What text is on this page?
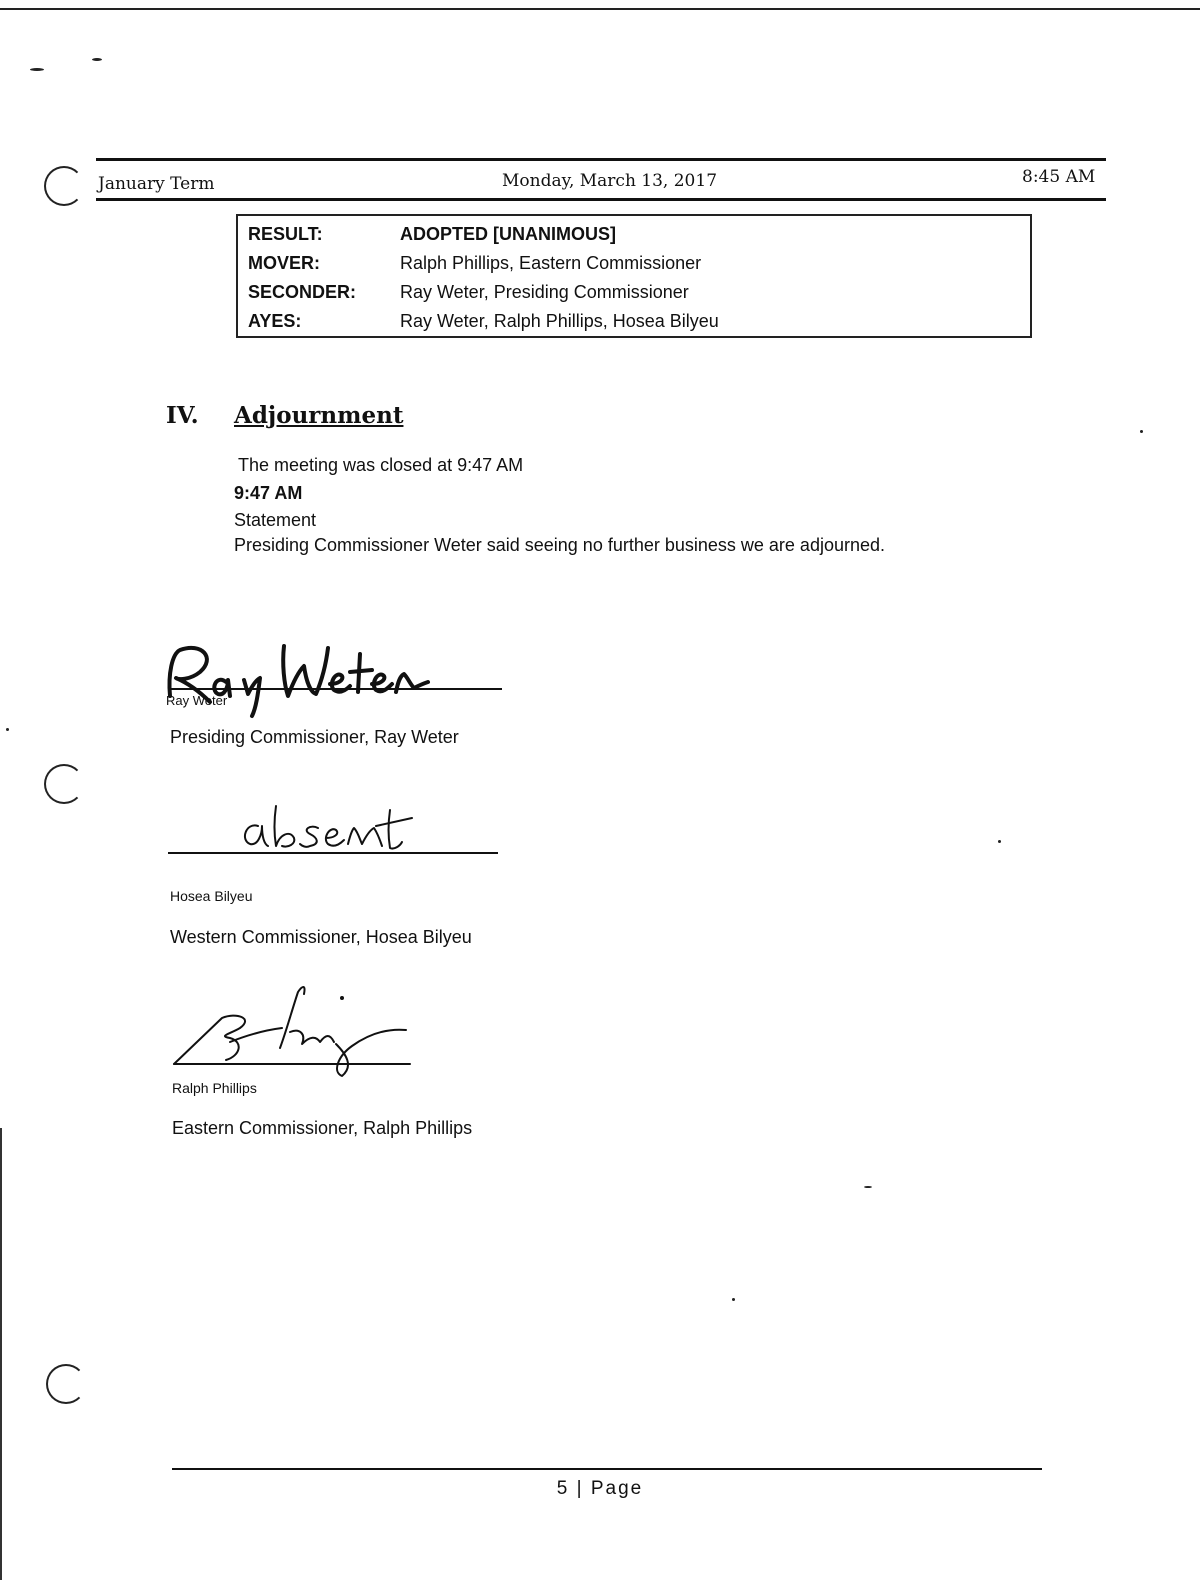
January Term	Monday, March 13, 2017	8:45 AM
RESULT:	ADOPTED [UNANIMOUS]
MOVER:	Ralph Phillips, Eastern Commissioner
SECONDER:	Ray Weter, Presiding Commissioner
AYES:	Ray Weter, Ralph Phillips, Hosea Bilyeu
IV. Adjournment
The meeting was closed at 9:47 AM
9:47 AM
Statement
Presiding Commissioner Weter said seeing no further business we are adjourned.
Ray Weter
Presiding Commissioner, Ray Weter
Hosea Bilyeu
Western Commissioner, Hosea Bilyeu
Ralph Phillips
Eastern Commissioner, Ralph Phillips
5 | Page
